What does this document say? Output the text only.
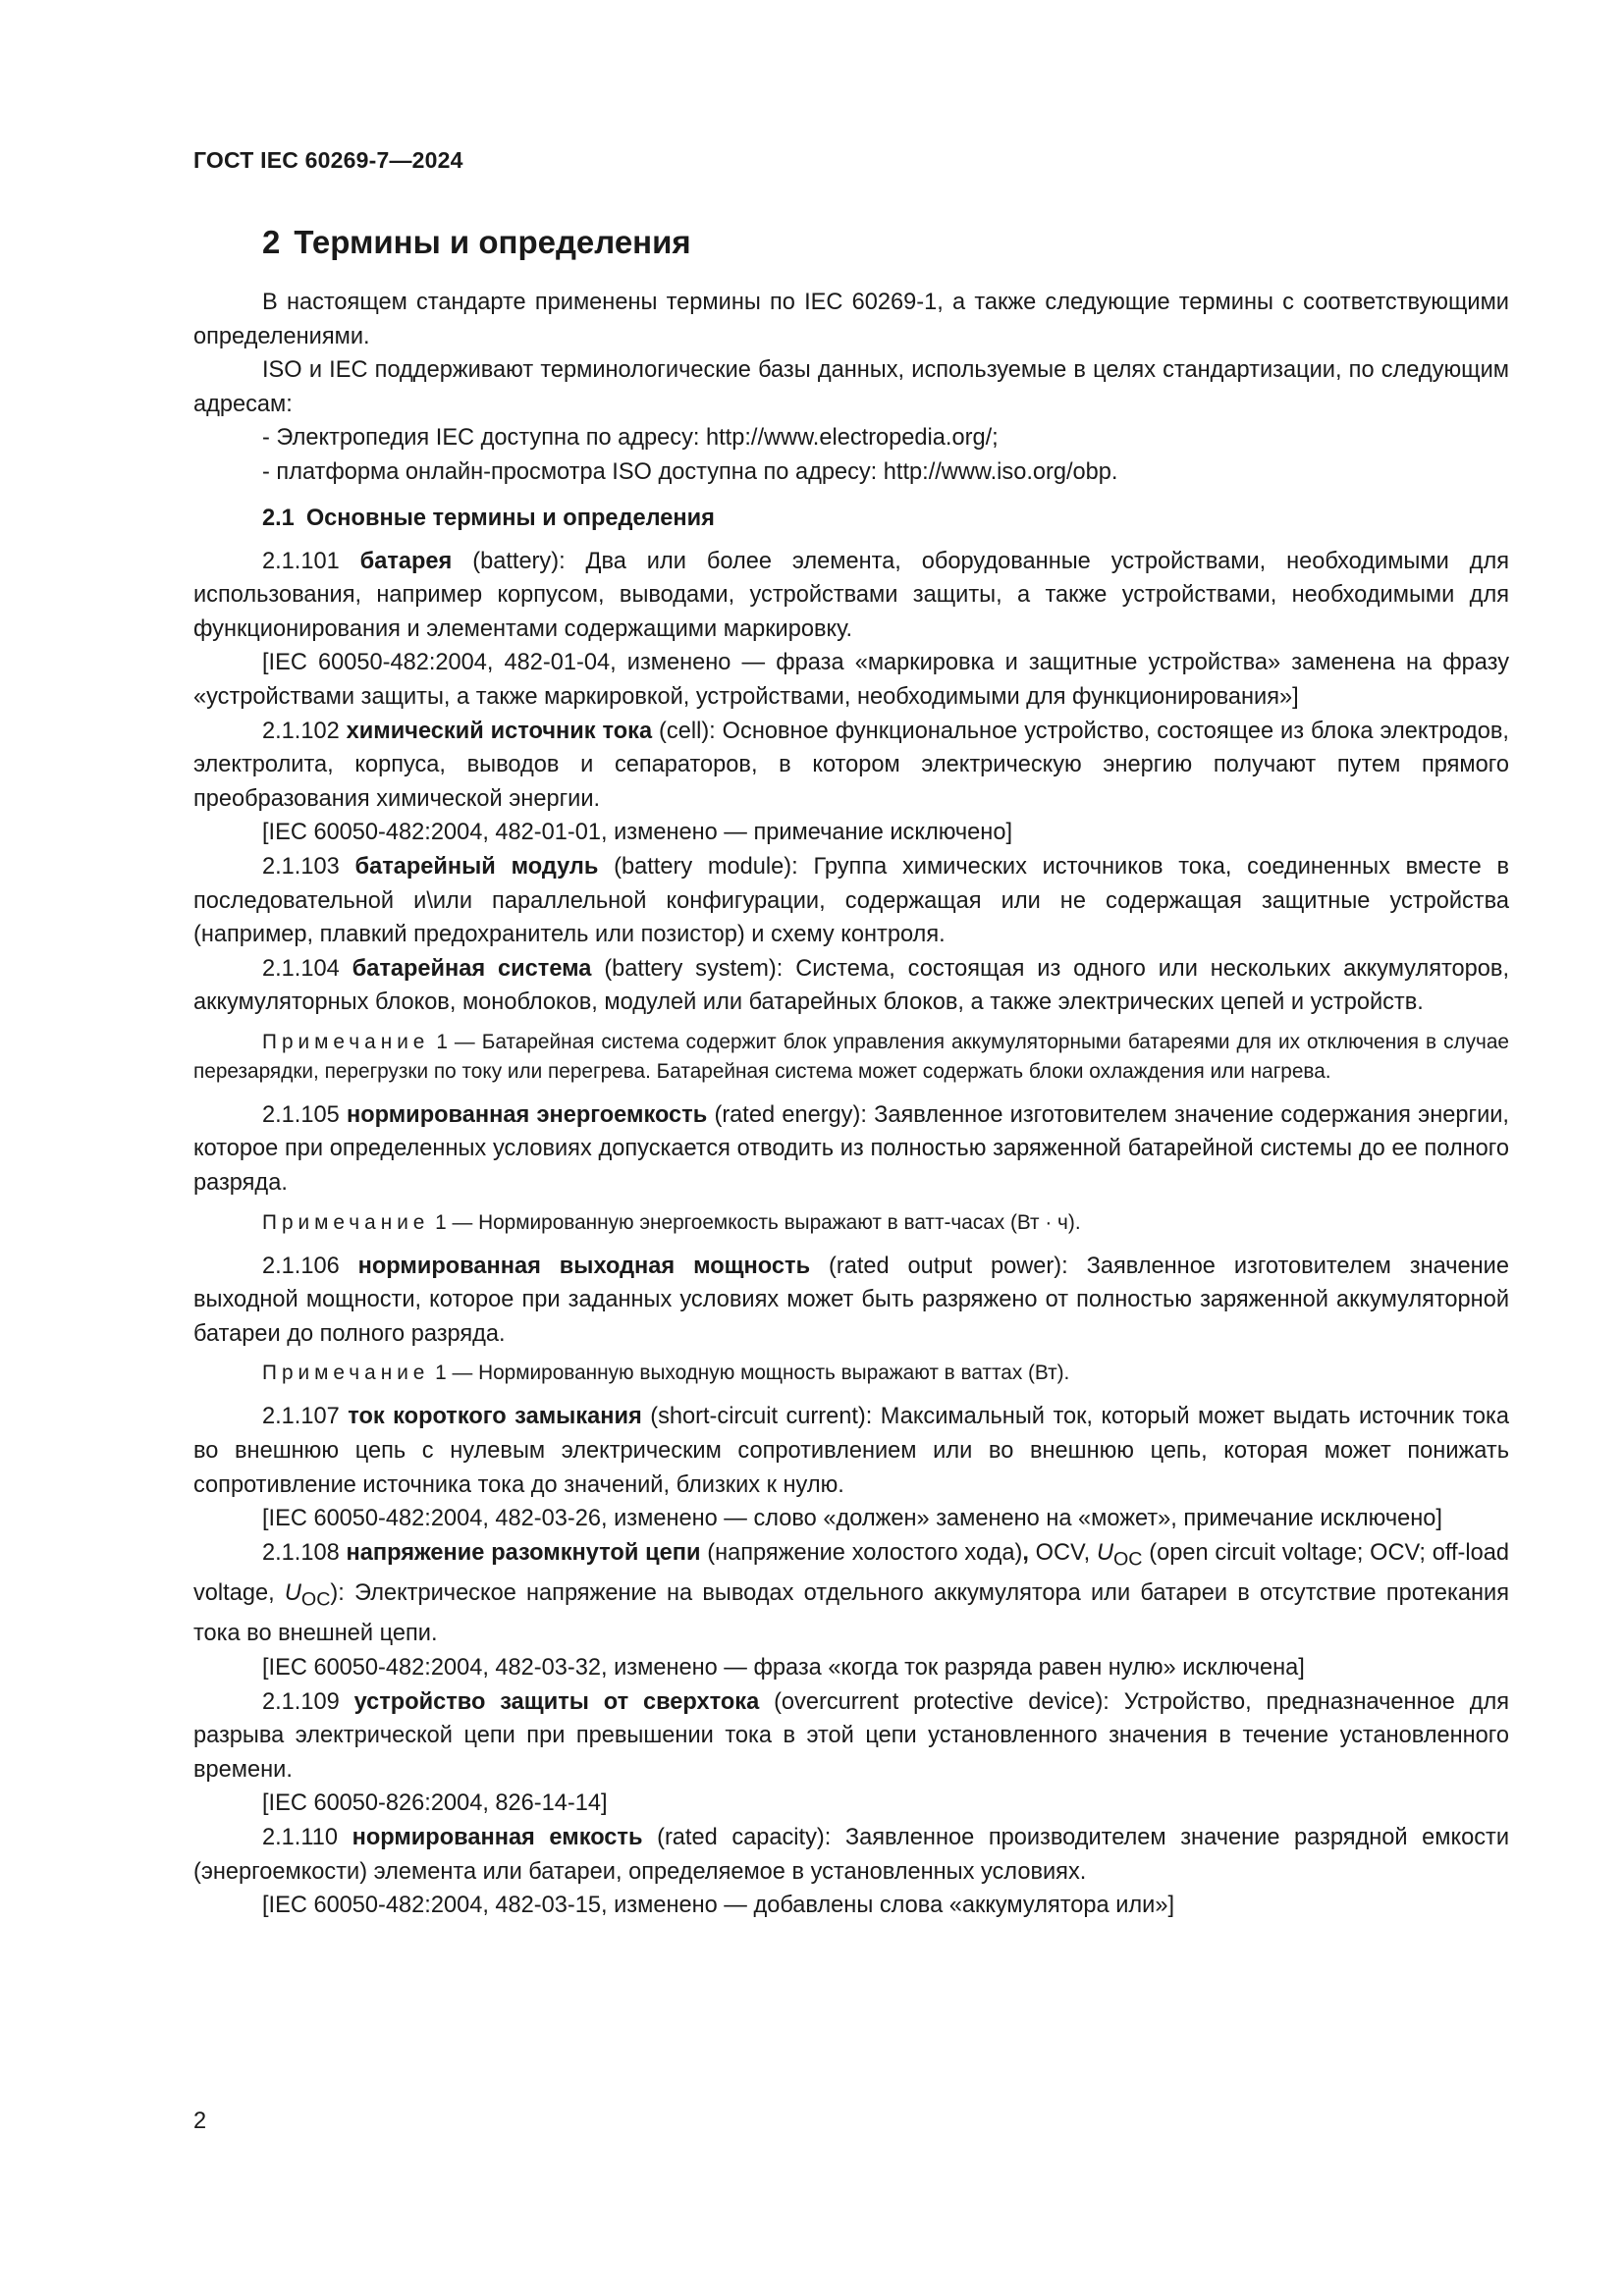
ГОСТ IEC 60269-7—2024
2 Термины и определения

В настоящем стандарте применены термины по IEC 60269-1, а также следующие термины с соответствующими определениями.

ISO и IEC поддерживают терминологические базы данных, используемые в целях стандартизации, по следующим адресам:

- Электропедия IEC доступна по адресу: http://www.electropedia.org/;

- платформа онлайн-просмотра ISO доступна по адресу: http://www.iso.org/obp.

2.1 Основные термины и определения

2.1.101 батарея (battery): Два или более элемента, оборудованные устройствами, необходимыми для использования, например корпусом, выводами, устройствами защиты, а также устройствами, необходимыми для функционирования и элементами содержащими маркировку.

[IEC 60050-482:2004, 482-01-04, изменено — фраза «маркировка и защитные устройства» заменена на фразу «устройствами защиты, а также маркировкой, устройствами, необходимыми для функционирования»]

2.1.102 химический источник тока (cell): Основное функциональное устройство, состоящее из блока электродов, электролита, корпуса, выводов и сепараторов, в котором электрическую энергию получают путем прямого преобразования химической энергии.

[IEC 60050-482:2004, 482-01-01, изменено — примечание исключено]

2.1.103 батарейный модуль (battery module): Группа химических источников тока, соединенных вместе в последовательной и\или параллельной конфигурации, содержащая или не содержащая защитные устройства (например, плавкий предохранитель или позистор) и схему контроля.

2.1.104 батарейная система (battery system): Система, состоящая из одного или нескольких аккумуляторов, аккумуляторных блоков, моноблоков, модулей или батарейных блоков, а также электрических цепей и устройств.

Примечание 1 — Батарейная система содержит блок управления аккумуляторными батареями для их отключения в случае перезарядки, перегрузки по току или перегрева. Батарейная система может содержать блоки охлаждения или нагрева.

2.1.105 нормированная энергоемкость (rated energy): Заявленное изготовителем значение содержания энергии, которое при определенных условиях допускается отводить из полностью заряженной батарейной системы до ее полного разряда.

Примечание 1 — Нормированную энергоемкость выражают в ватт-часах (Вт · ч).

2.1.106 нормированная выходная мощность (rated output power): Заявленное изготовителем значение выходной мощности, которое при заданных условиях может быть разряжено от полностью заряженной аккумуляторной батареи до полного разряда.

Примечание 1 — Нормированную выходную мощность выражают в ваттах (Вт).

2.1.107 ток короткого замыкания (short-circuit current): Максимальный ток, который может выдать источник тока во внешнюю цепь с нулевым электрическим сопротивлением или во внешнюю цепь, которая может понижать сопротивление источника тока до значений, близких к нулю.

[IEC 60050-482:2004, 482-03-26, изменено — слово «должен» заменено на «может», примечание исключено]

2.1.108 напряжение разомкнутой цепи (напряжение холостого хода), OCV, $U_{OC}$ (open circuit voltage; OCV; off-load voltage, $U_{OC}$): Электрическое напряжение на выводах отдельного аккумулятора или батареи в отсутствие протекания тока во внешней цепи.

[IEC 60050-482:2004, 482-03-32, изменено — фраза «когда ток разряда равен нулю» исключена]

2.1.109 устройство защиты от сверхтока (overcurrent protective device): Устройство, предназначенное для разрыва электрической цепи при превышении тока в этой цепи установленного значения в течение установленного времени.

[IEC 60050-826:2004, 826-14-14]

2.1.110 нормированная емкость (rated capacity): Заявленное производителем значение разрядной емкости (энергоемкости) элемента или батареи, определяемое в установленных условиях.

[IEC 60050-482:2004, 482-03-15, изменено — добавлены слова «аккумулятора или»]

2
